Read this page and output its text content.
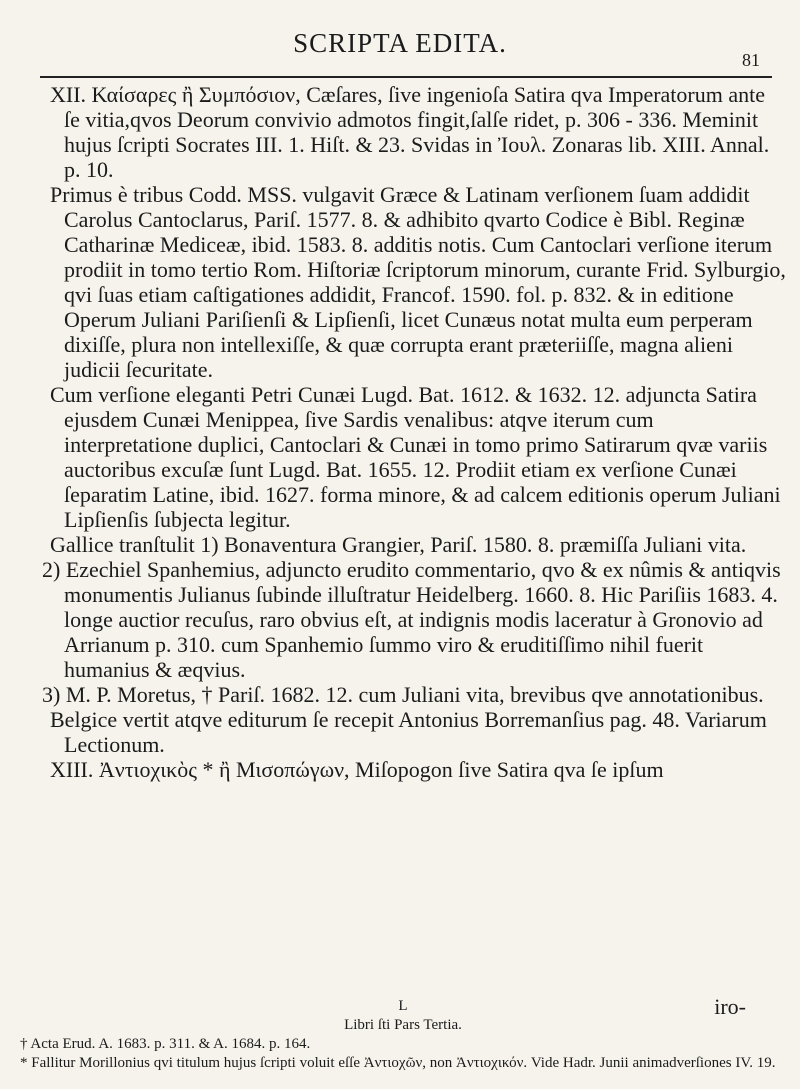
SCRIPTA EDITA.
81

XII. Καίσαρες ἢ Συμπόσιον, Cæſares, ſive ingenioſa Satira qva Imperatorum ante ſe vitia,qvos Deorum convivio admotos fingit,ſalſe ridet, p. 306 - 336. Meminit hujus ſcripti Socrates III. 1. Hiſt. & 23. Svidas in Ἰουλ. Zonaras lib. XIII. Annal. p. 10.

Primus è tribus Codd. MSS. vulgavit Græce & Latinam verſionem ſuam addidit Carolus Cantoclarus, Pariſ. 1577. 8. & adhibito qvarto Codice è Bibl. Reginæ Catharinæ Mediceæ, ibid. 1583. 8. additis notis. Cum Cantoclari verſione iterum prodiit in tomo tertio Rom. Hiſtoriæ ſcriptorum minorum, curante Frid. Sylburgio, qvi ſuas etiam caſtigationes addidit, Francof. 1590. fol. p. 832. & in editione Operum Juliani Pariſienſi & Lipſienſi, licet Cunæus notat multa eum perperam dixiſſe, plura non intellexiſſe, & quæ corrupta erant præteriiſſe, magna alieni judicii ſecuritate.

Cum verſione eleganti Petri Cunæi Lugd. Bat. 1612. & 1632. 12. adjuncta Satira ejusdem Cunæi Menippea, ſive Sardis venalibus: atqve iterum cum interpretatione duplici, Cantoclari & Cunæi in tomo primo Satirarum qvæ variis auctoribus excuſæ ſunt Lugd. Bat. 1655. 12. Prodiit etiam ex verſione Cunæi ſeparatim Latine, ibid. 1627. forma minore, & ad calcem editionis operum Juliani Lipſienſis ſubjecta legitur.

Gallice tranſtulit 1) Bonaventura Grangier, Pariſ. 1580. 8. præmiſſa Juliani vita.

2) Ezechiel Spanhemius, adjuncto erudito commentario, qvo & ex nûmis & antiqvis monumentis Julianus ſubinde illuſtratur Heidelberg. 1660. 8. Hic Pariſiis 1683. 4. longe auctior recuſus, raro obvius eſt, at indignis modis laceratur à Gronovio ad Arrianum p. 310. cum Spanhemio ſummo viro & eruditiſſimo nihil fuerit humanius & æqvius.

3) M. P. Moretus, † Pariſ. 1682. 12. cum Juliani vita, brevibus qve annotationibus.

Belgice vertit atqve editurum ſe recepit Antonius Borremanſius pag. 48. Variarum Lectionum.

XIII. Ἀντιοχικὸς * ἢ Μισοπώγων, Miſopogon ſive Satira qva ſe ipſum

L	iro-
Libri ſti Pars Tertia.
† Acta Erud. A. 1683. p. 311. & A. 1684. p. 164.
* Fallitur Morillonius qvi titulum hujus ſcripti voluit eſſe Ἀντιοχῶν, non Ἀντιοχικόν. Vide Hadr. Junii animadverſiones IV. 19.
